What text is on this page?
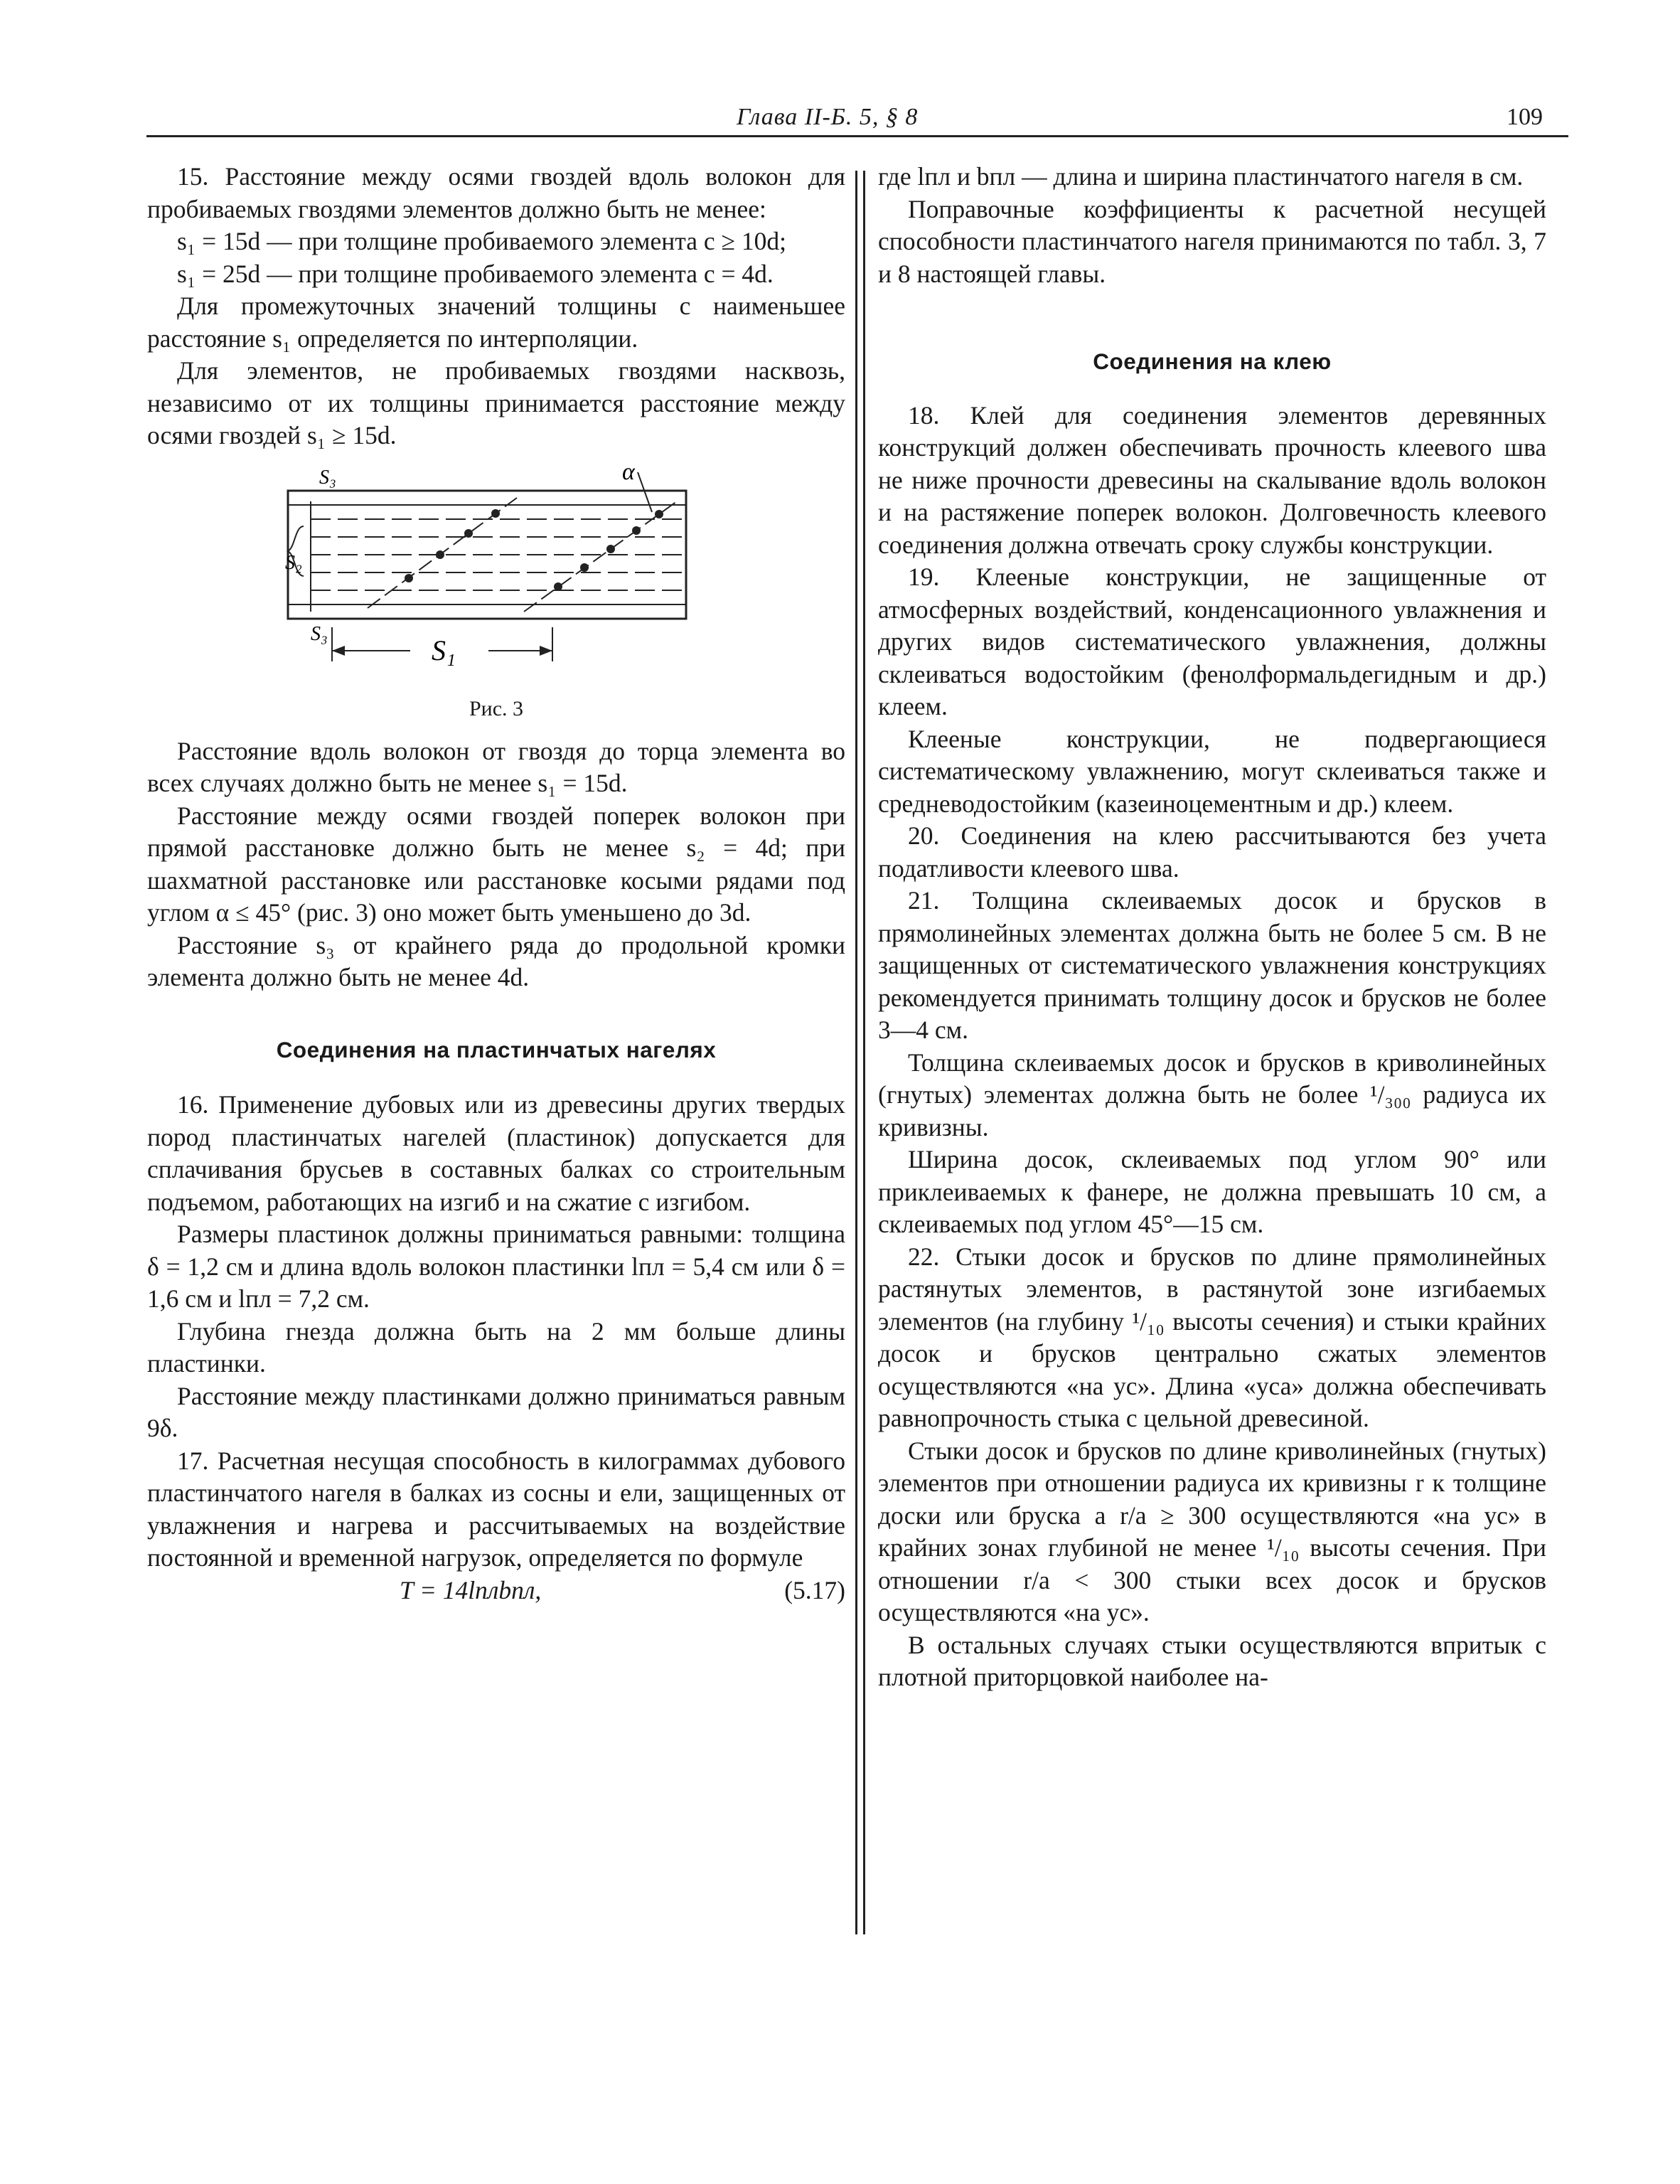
Глава II-Б. 5, § 8	109

15. Расстояние между осями гвоздей вдоль волокон для пробиваемых гвоздями элементов должно быть не менее:

s₁ = 15d — при толщине пробиваемого элемента c ≥ 10d;

s₁ = 25d — при толщине пробиваемого элемента c = 4d.

Для промежуточных значений толщины c наименьшее расстояние s₁ определяется по интерполяции.

Для элементов, не пробиваемых гвоздями насквозь, независимо от их толщины принимается расстояние между осями гвоздей s₁ ≥ 15d.

S₃
S₂
α
S₃
S₁
Рис. 3

Расстояние вдоль волокон от гвоздя до торца элемента во всех случаях должно быть не менее s₁ = 15d.

Расстояние между осями гвоздей поперек волокон при прямой расстановке должно быть не менее s₂ = 4d; при шахматной расстановке или расстановке косыми рядами под углом α ≤ 45° (рис. 3) оно может быть уменьшено до 3d.

Расстояние s₃ от крайнего ряда до продольной кромки элемента должно быть не менее 4d.

Соединения на пластинчатых нагелях

16. Применение дубовых или из древесины других твердых пород пластинчатых нагелей (пластинок) допускается для сплачивания брусьев в составных балках со строительным подъемом, работающих на изгиб и на сжатие с изгибом.

Размеры пластинок должны приниматься равными: толщина δ = 1,2 см и длина вдоль волокон пластинки lпл = 5,4 см или δ = 1,6 см и lпл = 7,2 см.

Глубина гнезда должна быть на 2 мм больше длины пластинки.

Расстояние между пластинками должно приниматься равным 9δ.

17. Расчетная несущая способность в килограммах дубового пластинчатого нагеля в балках из сосны и ели, защищенных от увлажнения и нагрева и рассчитываемых на воздействие постоянной и временной нагрузок, определяется по формуле

T = 14lплbпл,	(5.17)

где lпл и bпл — длина и ширина пластинчатого нагеля в см.

Поправочные коэффициенты к расчетной несущей способности пластинчатого нагеля принимаются по табл. 3, 7 и 8 настоящей главы.

Соединения на клею

18. Клей для соединения элементов деревянных конструкций должен обеспечивать прочность клеевого шва не ниже прочности древесины на скалывание вдоль волокон и на растяжение поперек волокон. Долговечность клеевого соединения должна отвечать сроку службы конструкции.

19. Клееные конструкции, не защищенные от атмосферных воздействий, конденсационного увлажнения и других видов систематического увлажнения, должны склеиваться водостойким (фенолформальдегидным и др.) клеем.

Клееные конструкции, не подвергающиеся систематическому увлажнению, могут склеиваться также и средневодостойким (казеиноцементным и др.) клеем.

20. Соединения на клею рассчитываются без учета податливости клеевого шва.

21. Толщина склеиваемых досок и брусков в прямолинейных элементах должна быть не более 5 см. В не защищенных от систематического увлажнения конструкциях рекомендуется принимать толщину досок и брусков не более 3—4 см.

Толщина склеиваемых досок и брусков в криволинейных (гнутых) элементах должна быть не более ¹/₃₀₀ радиуса их кривизны.

Ширина досок, склеиваемых под углом 90° или приклеиваемых к фанере, не должна превышать 10 см, а склеиваемых под углом 45°—15 см.

22. Стыки досок и брусков по длине прямолинейных растянутых элементов, в растянутой зоне изгибаемых элементов (на глубину ¹/₁₀ высоты сечения) и стыки крайних досок и брусков центрально сжатых элементов осуществляются «на ус». Длина «уса» должна обеспечивать равнопрочность стыка с цельной древесиной.

Стыки досок и брусков по длине криволинейных (гнутых) элементов при отношении радиуса их кривизны r к толщине доски или бруска a r/a ≥ 300 осуществляются «на ус» в крайних зонах глубиной не менее ¹/₁₀ высоты сечения. При отношении r/a < 300 стыки всех досок и брусков осуществляются «на ус».

В остальных случаях стыки осуществляются впритык с плотной приторцовкой наиболее на-
